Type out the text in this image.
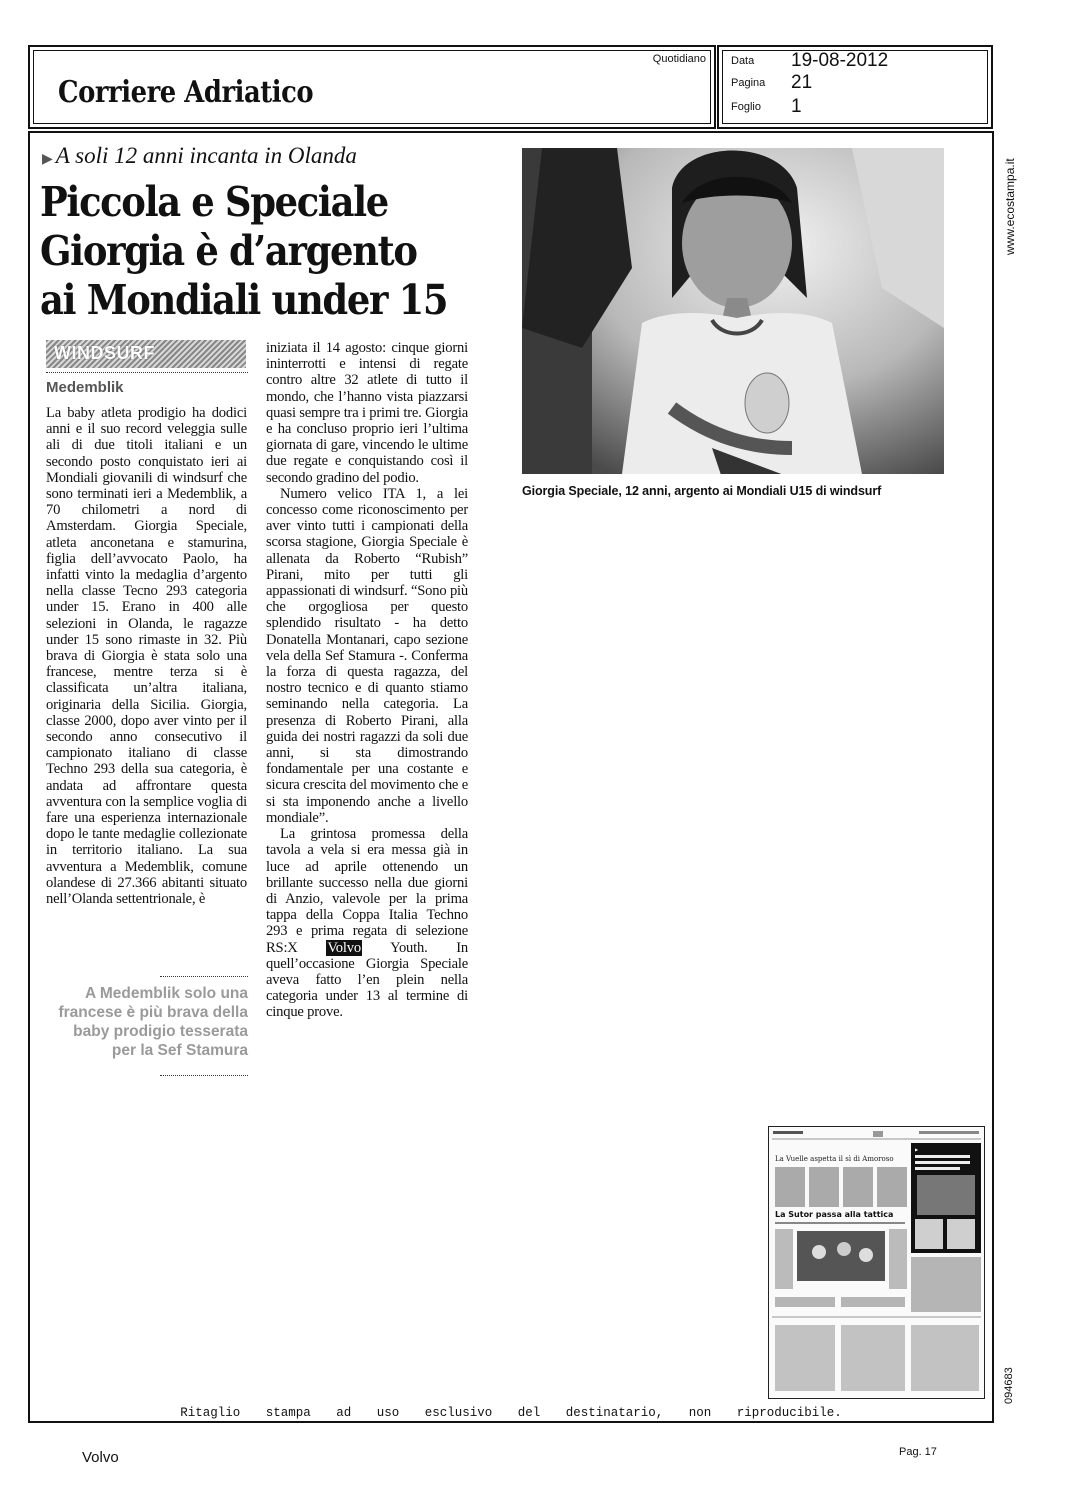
Corriere Adriatico
Quotidiano Data 19-08-2012
Pagina 21
Foglio 1
▶ A soli 12 anni incanta in Olanda
Piccola e Speciale
Giorgia è d’argento
ai Mondiali under 15
WINDSURF
Medemblik

La baby atleta prodigio ha dodici anni e il suo record veleggia sulle ali di due titoli italiani e un secondo posto conquistato ieri ai Mondiali giovanili di windsurf che sono terminati ieri a Medemblik, a 70 chilometri a nord di Amsterdam. Giorgia Speciale, atleta anconetana e stamurina, figlia dell’avvocato Paolo, ha infatti vinto la medaglia d’argento nella classe Tecno 293 categoria under 15. Erano in 400 alle selezioni in Olanda, le ragazze under 15 sono rimaste in 32. Più brava di Giorgia è stata solo una francese, mentre terza si è classificata un’altra italiana, originaria della Sicilia. Giorgia, classe 2000, dopo aver vinto per il secondo anno consecutivo il campionato italiano di classe Techno 293 della sua categoria, è andata ad affrontare questa avventura con la semplice voglia di fare una esperienza internazionale dopo le tante medaglie collezionate in territorio italiano. La sua avventura a Medemblik, comune olandese di 27.366 abitanti situato nell’Olanda settentrionale, è

A Medemblik solo una francese è più brava della baby prodigio tesserata per la Sef Stamura

iniziata il 14 agosto: cinque giorni ininterrotti e intensi di regate contro altre 32 atlete di tutto il mondo, che l’hanno vista piazzarsi quasi sempre tra i primi tre. Giorgia e ha concluso proprio ieri l’ultima giornata di gare, vincendo le ultime due regate e conquistando così il secondo gradino del podio.

Numero velico ITA 1, a lei concesso come riconoscimento per aver vinto tutti i campionati della scorsa stagione, Giorgia Speciale è allenata da Roberto “Rubish” Pirani, mito per tutti gli appassionati di windsurf. “Sono più che orgogliosa per questo splendido risultato - ha detto Donatella Montanari, capo sezione vela della Sef Stamura -. Conferma la forza di questa ragazza, del nostro tecnico e di quanto stiamo seminando nella categoria. La presenza di Roberto Pirani, alla guida dei nostri ragazzi da soli due anni, si sta dimostrando fondamentale per una costante e sicura crescita del movimento che e si sta imponendo anche a livello mondiale”.

La grintosa promessa della tavola a vela si era messa già in luce ad aprile ottenendo un brillante successo nella due giorni di Anzio, valevole per la prima tappa della Coppa Italia Techno 293 e prima regata di selezione RS:X Volvo Youth. In quell’occasione Giorgia Speciale aveva fatto l’en plein nella categoria under 13 al termine di cinque prove.

Giorgia Speciale, 12 anni, argento ai Mondiali U15 di windsurf
www.ecostampa.it
094683
La Vuelle aspetta il sì di Amoroso
▶
La Sutor passa alla tattica
Ritaglio stampa ad uso esclusivo del destinatario, non riproducibile.
Volvo	Pag. 17
